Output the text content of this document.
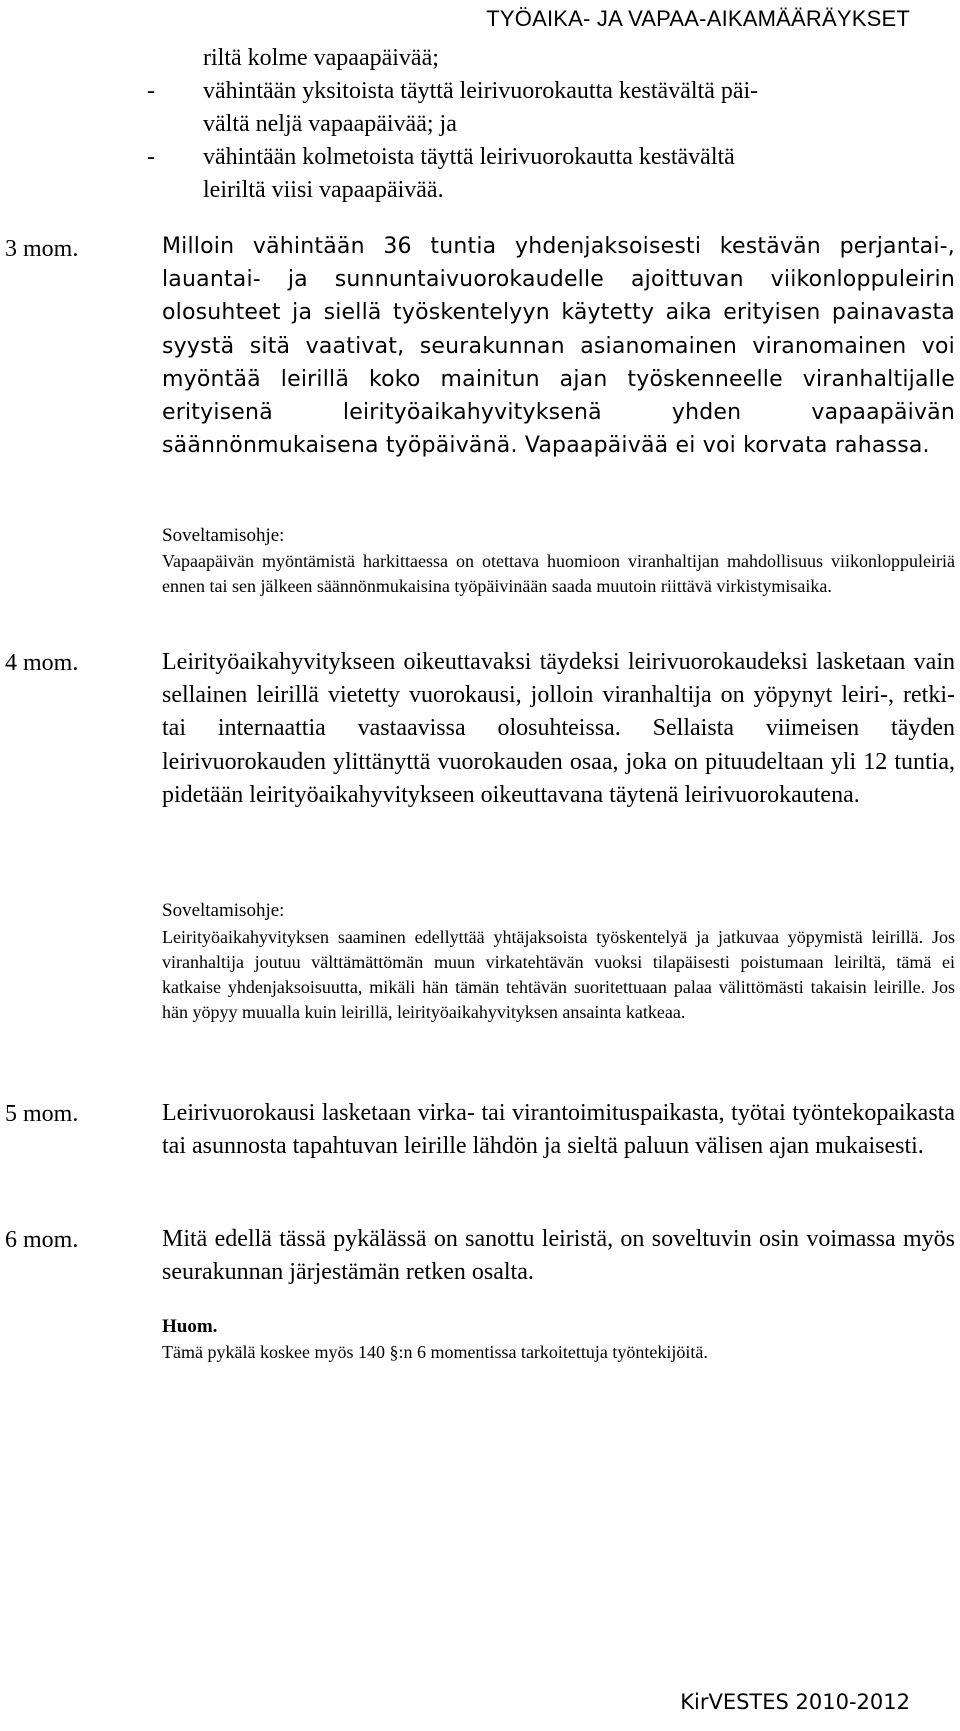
TYÖAIKA- JA VAPAA-AIKAMÄÄRÄYKSET
riltä kolme vapaapäivää;
- vähintään yksitoista täyttä leirivuorokautta kestävältä päi-
vältä neljä vapaapäivää; ja
- vähintään kolmetoista täyttä leirivuorokautta kestävältä
leiriltä viisi vapaapäivää.
3 mom.	Milloin vähintään 36 tuntia yhdenjaksoisesti kestävän perjantai-, lauantai- ja sunnuntaivuorokaudelle ajoittuvan viikonloppuleirin olosuhteet ja siellä työskentelyyn käytetty aika erityisen painavasta syystä sitä vaativat, seurakunnan asianomainen viranomainen voi myöntää leirillä koko mainitun ajan työskenneelle viranhaltijalle erityisenä leirityöaikahyvityksenä yhden vapaapäivän säännönmukaisena työpäivänä. Vapaapäivää ei voi korvata rahassa.
Soveltamisohje:
Vapaapäivän myöntämistä harkittaessa on otettava huomioon viranhaltijan mahdollisuus viikonloppuleiriä ennen tai sen jälkeen säännönmukaisina työpäivinään saada muutoin riittävä virkistymisaika.
4 mom.	Leirityöaikahyvitykseen oikeuttavaksi täydeksi leirivuorokaudeksi lasketaan vain sellainen leirillä vietetty vuorokausi, jolloin viranhaltija on yöpynyt leiri-, retki- tai internaattia vastaavissa olosuhteissa. Sellaista viimeisen täyden leirivuorokauden ylittänyttä vuorokauden osaa, joka on pituudeltaan yli 12 tuntia, pidetään leirityöaikahyvitykseen oikeuttavana täytenä leirivuorokautena.
Soveltamisohje:
Leirityöaikahyvityksen saaminen edellyttää yhtäjaksoista työskentelyä ja jatkuvaa yöpymistä leirillä. Jos viranhaltija joutuu välttämättömän muun virkatehtävän vuoksi tilapäisesti poistumaan leiriltä, tämä ei katkaise yhdenjaksoisuutta, mikäli hän tämän tehtävän suoritettuaan palaa välittömästi takaisin leirille. Jos hän yöpyy muualla kuin leirillä, leirityöaikahyvityksen ansainta katkeaa.
5 mom.	Leirivuorokausi lasketaan virka- tai virantoimituspaikasta, työtai työntekopaikasta tai asunnosta tapahtuvan leirille lähdön ja sieltä paluun välisen ajan mukaisesti.
6 mom.	Mitä edellä tässä pykälässä on sanottu leiristä, on soveltuvin osin voimassa myös seurakunnan järjestämän retken osalta.
Huom.
Tämä pykälä koskee myös 140 §:n 6 momentissa tarkoitettuja työntekijöitä.
KirVESTES 2010-2012
